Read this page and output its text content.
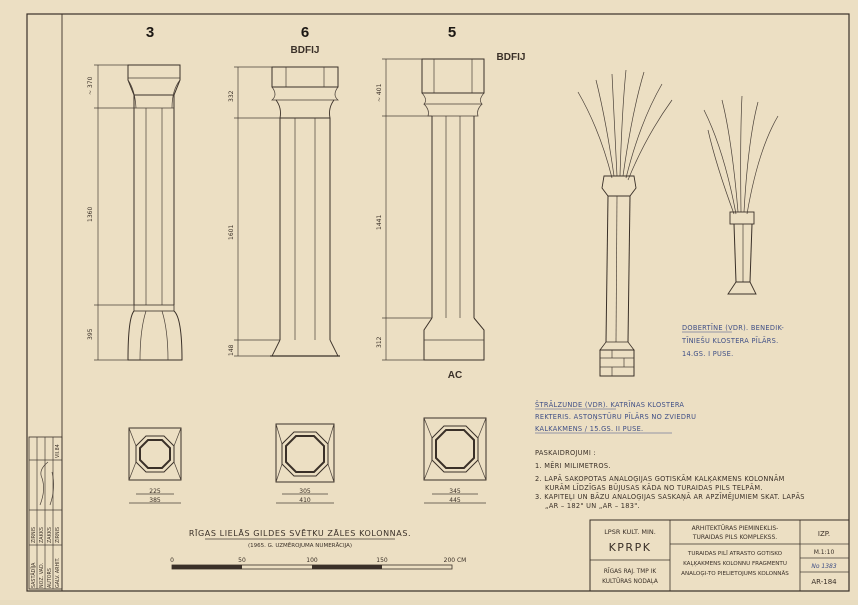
3
~ 370
1360
395
6
BDFIJ
332
1601
148
5
BDFIJ
~ 401
1441
312
AC
DOBERTĪNE (VDR). BENEDIK-
TĪNIEŠU KLOSTERA PĪLĀRS.
14.GS. I PUSE.
ŠTRĀLZUNDE (VDR). KATRĪNAS KLOSTERA
REKTERIS. ASTOŅSTŪRU PĪLĀRS NO ZVIEDRU
KALKAKMENS / 15.GS. II PUSE.
PASKAIDROJUMI :
1. MĒRI MILIMETROS.
2. LAPĀ SAKOPOTAS ANALOĢIJAS GOTISKĀM KALĶAKMENS KOLONNĀM
KURĀM LĪDZĪGAS BŪJUSAS KĀDA NO TURAIDAS PILS TELPĀM.
3. KAPITEĻI UN BĀZU ANALOĢIJAS SASKAŅĀ AR APZĪMĒJUMIEM SKAT. LAPĀS
„AR – 182" UN „AR – 183".
225
385
305
410
345
445
RĪGAS LIELĀS GILDES SVĒTKU ZĀLES KOLONNAS.
(1965. G. UZMĒROJUMA NUMERĀCIJA)
0	50	100	150	200 CM
LPSR KULT. MIN.
KPRPK
RĪGAS RAJ. TMP IK
KULTŪRAS NODAĻA
ARHITEKTŪRAS PIEMINEKLIS-
TURAIDAS PILS KOMPLEKSS.
TURAIDAS PILĪ ATRASTO GOTISKO
KAĻĶAKMENS KOLONNU FRAGMENTU
ANALOĢI-TO PIELIETOJUMS KOLONNĀS
IZP.
M.1:10
No 1383
AR-184
SASTĀDĪJA NOZ. VAD. AUTORS GALV. ARHIT.
ZIRNIS ZAKKS ZAKKS ZIRNIS
VII.84
